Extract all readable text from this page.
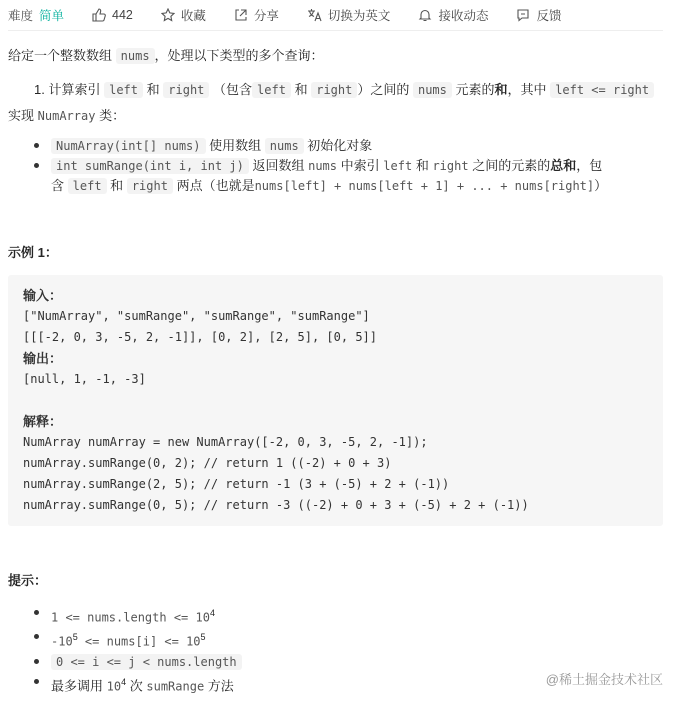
难度 简单	442	收藏	分享	切换为英文	接收动态	反馈

给定一个整数数组 nums ，处理以下类型的多个查询：

1. 计算索引 left 和 right （包含 left 和 right ）之间的 nums 元素的和，其中 left <= right

实现 NumArray 类：

NumArray(int[] nums) 使用数组 nums 初始化对象
int sumRange(int i, int j) 返回数组 nums 中索引 left 和 right 之间的元素的总和，包
含 left 和 right 两点（也就是nums[left] + nums[left + 1] + ... + nums[right]）

示例 1：

输入：
["NumArray", "sumRange", "sumRange", "sumRange"]
[[[-2, 0, 3, -5, 2, -1]], [0, 2], [2, 5], [0, 5]]
输出：
[null, 1, -1, -3]

解释：
NumArray numArray = new NumArray([-2, 0, 3, -5, 2, -1]);
numArray.sumRange(0, 2); // return 1 ((-2) + 0 + 3)
numArray.sumRange(2, 5); // return -1 (3 + (-5) + 2 + (-1))
numArray.sumRange(0, 5); // return -3 ((-2) + 0 + 3 + (-5) + 2 + (-1))

提示：

1 <= nums.length <= $10^4$
$-10^5$ <= nums[i] <= $10^5$
0 <= i <= j < nums.length
最多调用 $10^4$ 次 sumRange 方法	@稀土掘金技术社区
